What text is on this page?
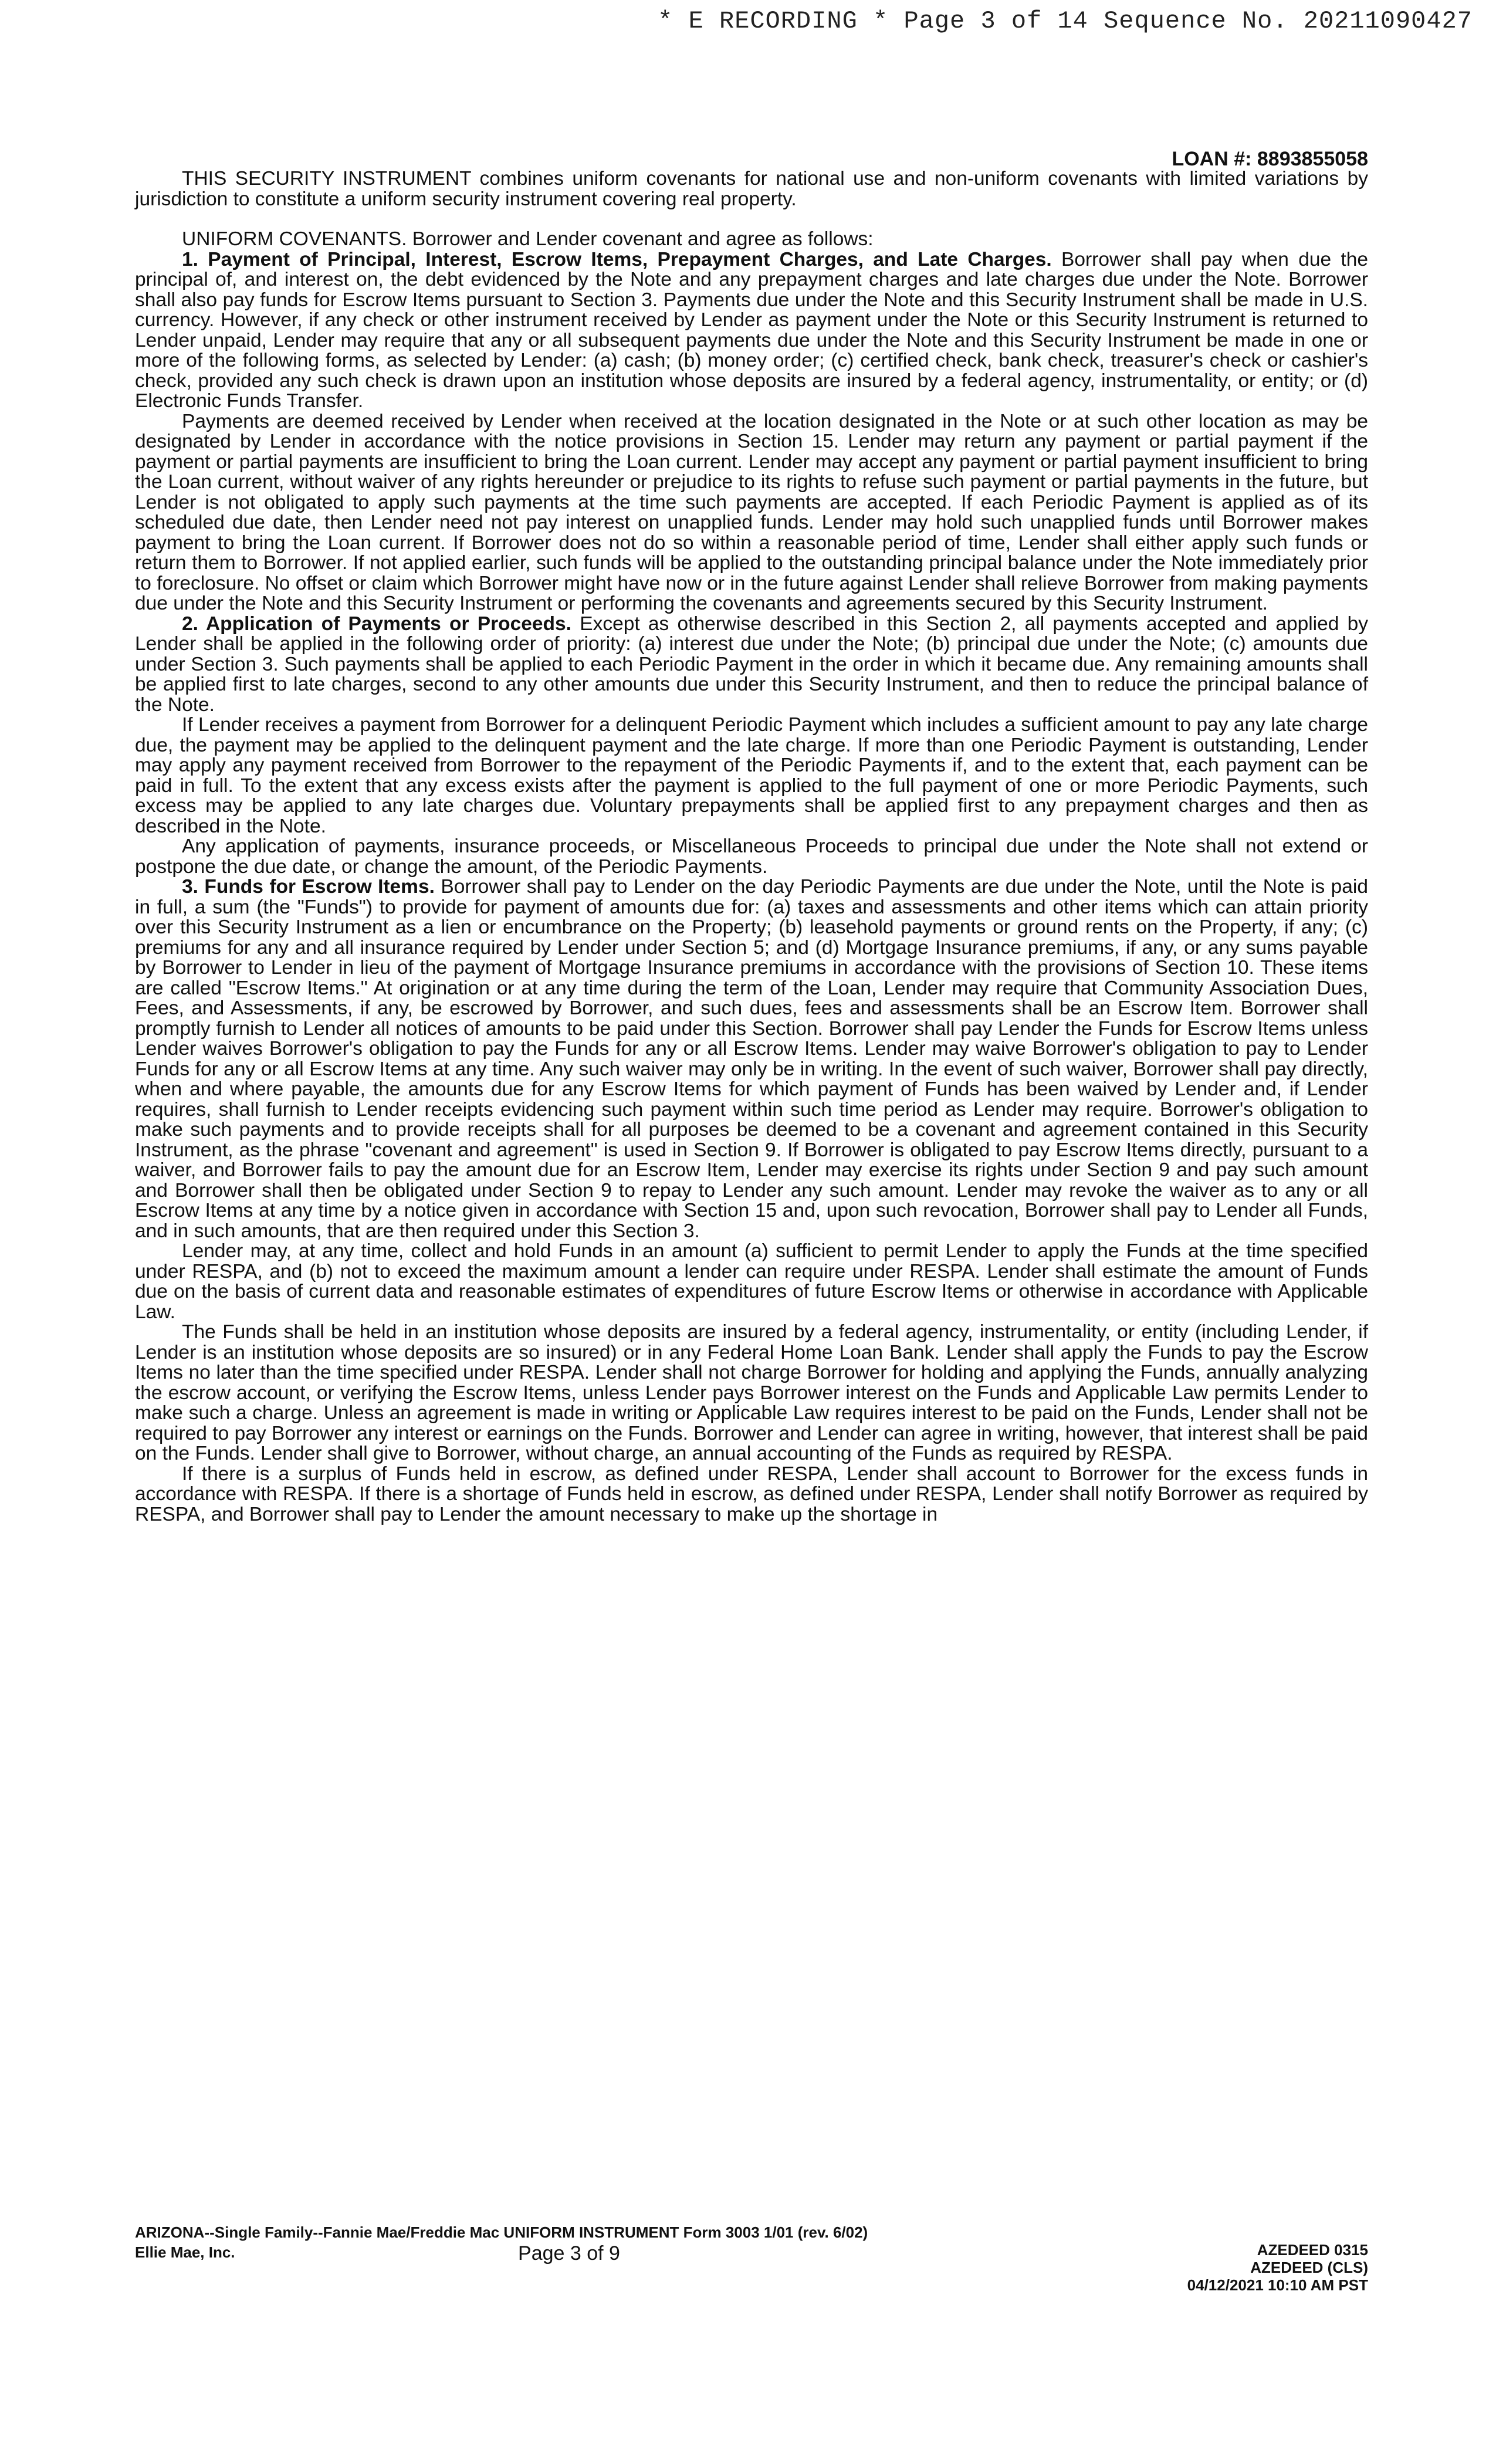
* E RECORDING * Page 3 of 14 Sequence No. 20211090427
LOAN #: 8893855058

THIS SECURITY INSTRUMENT combines uniform covenants for national use and non-uniform covenants with limited variations by jurisdiction to constitute a uniform security instrument covering real property.

UNIFORM COVENANTS. Borrower and Lender covenant and agree as follows:

1. Payment of Principal, Interest, Escrow Items, Prepayment Charges, and Late Charges. Borrower shall pay when due the principal of, and interest on, the debt evidenced by the Note and any prepayment charges and late charges due under the Note. Borrower shall also pay funds for Escrow Items pursuant to Section 3. Payments due under the Note and this Security Instrument shall be made in U.S. currency. However, if any check or other instrument received by Lender as payment under the Note or this Security Instrument is returned to Lender unpaid, Lender may require that any or all subsequent payments due under the Note and this Security Instrument be made in one or more of the following forms, as selected by Lender: (a) cash; (b) money order; (c) certified check, bank check, treasurer's check or cashier's check, provided any such check is drawn upon an institution whose deposits are insured by a federal agency, instrumentality, or entity; or (d) Electronic Funds Transfer.

Payments are deemed received by Lender when received at the location designated in the Note or at such other location as may be designated by Lender in accordance with the notice provisions in Section 15. Lender may return any payment or partial payment if the payment or partial payments are insufficient to bring the Loan current. Lender may accept any payment or partial payment insufficient to bring the Loan current, without waiver of any rights hereunder or prejudice to its rights to refuse such payment or partial payments in the future, but Lender is not obligated to apply such payments at the time such payments are accepted. If each Periodic Payment is applied as of its scheduled due date, then Lender need not pay interest on unapplied funds. Lender may hold such unapplied funds until Borrower makes payment to bring the Loan current. If Borrower does not do so within a reasonable period of time, Lender shall either apply such funds or return them to Borrower. If not applied earlier, such funds will be applied to the outstanding principal balance under the Note immediately prior to foreclosure. No offset or claim which Borrower might have now or in the future against Lender shall relieve Borrower from making payments due under the Note and this Security Instrument or performing the covenants and agreements secured by this Security Instrument.

2. Application of Payments or Proceeds. Except as otherwise described in this Section 2, all payments accepted and applied by Lender shall be applied in the following order of priority: (a) interest due under the Note; (b) principal due under the Note; (c) amounts due under Section 3. Such payments shall be applied to each Periodic Payment in the order in which it became due. Any remaining amounts shall be applied first to late charges, second to any other amounts due under this Security Instrument, and then to reduce the principal balance of the Note.

If Lender receives a payment from Borrower for a delinquent Periodic Payment which includes a sufficient amount to pay any late charge due, the payment may be applied to the delinquent payment and the late charge. If more than one Periodic Payment is outstanding, Lender may apply any payment received from Borrower to the repayment of the Periodic Payments if, and to the extent that, each payment can be paid in full. To the extent that any excess exists after the payment is applied to the full payment of one or more Periodic Payments, such excess may be applied to any late charges due. Voluntary prepayments shall be applied first to any prepayment charges and then as described in the Note.

Any application of payments, insurance proceeds, or Miscellaneous Proceeds to principal due under the Note shall not extend or postpone the due date, or change the amount, of the Periodic Payments.

3. Funds for Escrow Items. Borrower shall pay to Lender on the day Periodic Payments are due under the Note, until the Note is paid in full, a sum (the "Funds") to provide for payment of amounts due for: (a) taxes and assessments and other items which can attain priority over this Security Instrument as a lien or encumbrance on the Property; (b) leasehold payments or ground rents on the Property, if any; (c) premiums for any and all insurance required by Lender under Section 5; and (d) Mortgage Insurance premiums, if any, or any sums payable by Borrower to Lender in lieu of the payment of Mortgage Insurance premiums in accordance with the provisions of Section 10. These items are called "Escrow Items." At origination or at any time during the term of the Loan, Lender may require that Community Association Dues, Fees, and Assessments, if any, be escrowed by Borrower, and such dues, fees and assessments shall be an Escrow Item. Borrower shall promptly furnish to Lender all notices of amounts to be paid under this Section. Borrower shall pay Lender the Funds for Escrow Items unless Lender waives Borrower's obligation to pay the Funds for any or all Escrow Items. Lender may waive Borrower's obligation to pay to Lender Funds for any or all Escrow Items at any time. Any such waiver may only be in writing. In the event of such waiver, Borrower shall pay directly, when and where payable, the amounts due for any Escrow Items for which payment of Funds has been waived by Lender and, if Lender requires, shall furnish to Lender receipts evidencing such payment within such time period as Lender may require. Borrower's obligation to make such payments and to provide receipts shall for all purposes be deemed to be a covenant and agreement contained in this Security Instrument, as the phrase "covenant and agreement" is used in Section 9. If Borrower is obligated to pay Escrow Items directly, pursuant to a waiver, and Borrower fails to pay the amount due for an Escrow Item, Lender may exercise its rights under Section 9 and pay such amount and Borrower shall then be obligated under Section 9 to repay to Lender any such amount. Lender may revoke the waiver as to any or all Escrow Items at any time by a notice given in accordance with Section 15 and, upon such revocation, Borrower shall pay to Lender all Funds, and in such amounts, that are then required under this Section 3.

Lender may, at any time, collect and hold Funds in an amount (a) sufficient to permit Lender to apply the Funds at the time specified under RESPA, and (b) not to exceed the maximum amount a lender can require under RESPA. Lender shall estimate the amount of Funds due on the basis of current data and reasonable estimates of expenditures of future Escrow Items or otherwise in accordance with Applicable Law.

The Funds shall be held in an institution whose deposits are insured by a federal agency, instrumentality, or entity (including Lender, if Lender is an institution whose deposits are so insured) or in any Federal Home Loan Bank. Lender shall apply the Funds to pay the Escrow Items no later than the time specified under RESPA. Lender shall not charge Borrower for holding and applying the Funds, annually analyzing the escrow account, or verifying the Escrow Items, unless Lender pays Borrower interest on the Funds and Applicable Law permits Lender to make such a charge. Unless an agreement is made in writing or Applicable Law requires interest to be paid on the Funds, Lender shall not be required to pay Borrower any interest or earnings on the Funds. Borrower and Lender can agree in writing, however, that interest shall be paid on the Funds. Lender shall give to Borrower, without charge, an annual accounting of the Funds as required by RESPA.

If there is a surplus of Funds held in escrow, as defined under RESPA, Lender shall account to Borrower for the excess funds in accordance with RESPA. If there is a shortage of Funds held in escrow, as defined under RESPA, Lender shall notify Borrower as required by RESPA, and Borrower shall pay to Lender the amount necessary to make up the shortage in

ARIZONA--Single Family--Fannie Mae/Freddie Mac UNIFORM INSTRUMENT Form 3003 1/01 (rev. 6/02)
Ellie Mae, Inc.	Page 3 of 9	AZEDEED 0315
AZEDEED (CLS)
04/12/2021 10:10 AM PST
